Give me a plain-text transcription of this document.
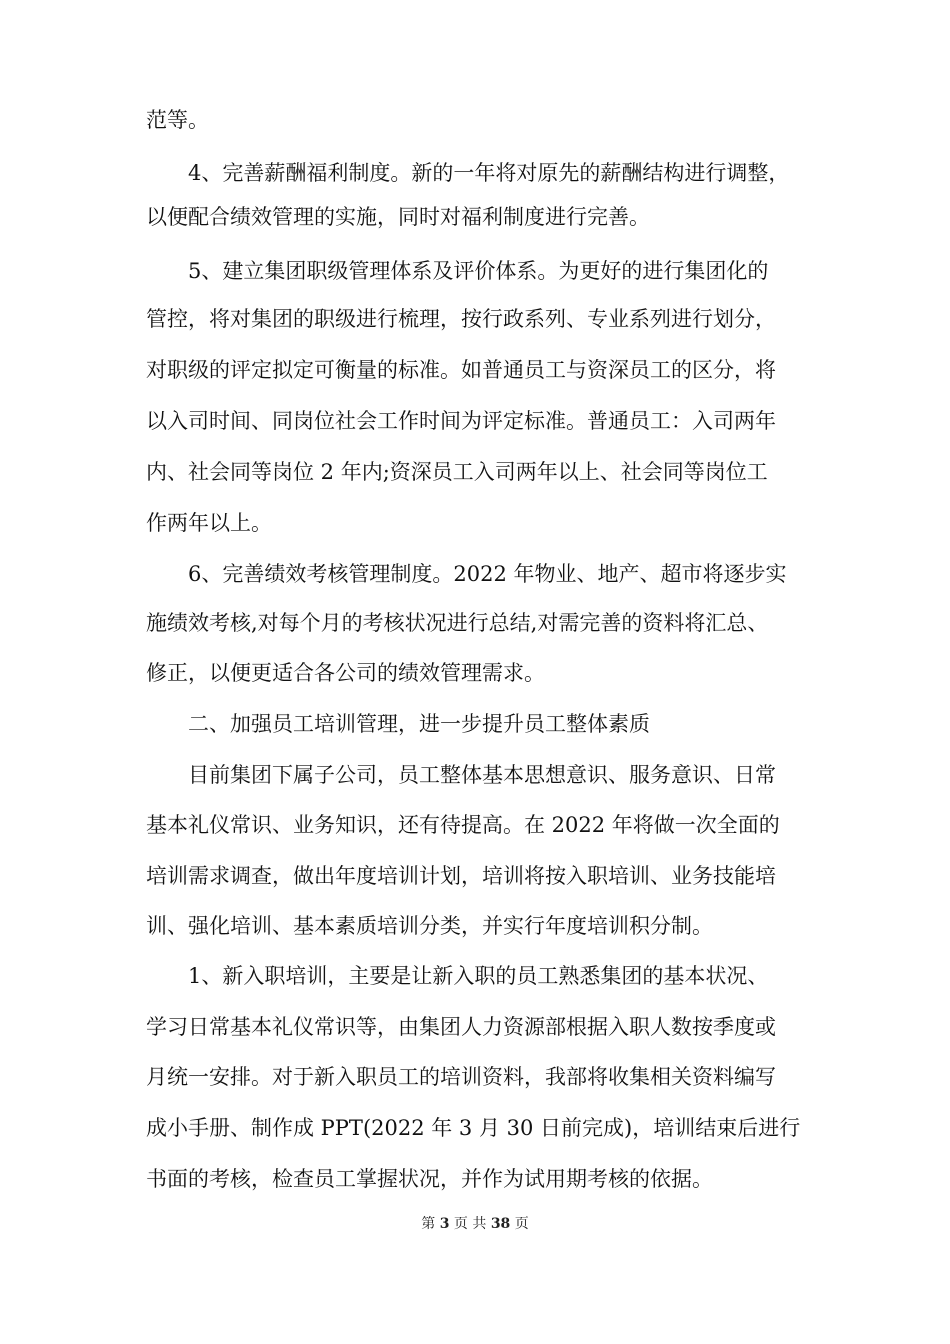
范等。
4、完善薪酬福利制度。新的一年将对原先的薪酬结构进行调整，
以便配合绩效管理的实施，同时对福利制度进行完善。
5、建立集团职级管理体系及评价体系。为更好的进行集团化的
管控，将对集团的职级进行梳理，按行政系列、专业系列进行划分，
对职级的评定拟定可衡量的标准。如普通员工与资深员工的区分，将
以入司时间、同岗位社会工作时间为评定标准。普通员工：入司两年
内、社会同等岗位 2 年内;资深员工入司两年以上、社会同等岗位工
作两年以上。
6、完善绩效考核管理制度。2022 年物业、地产、超市将逐步实
施绩效考核,对每个月的考核状况进行总结,对需完善的资料将汇总、
修正，以便更适合各公司的绩效管理需求。
二、加强员工培训管理，进一步提升员工整体素质
目前集团下属子公司，员工整体基本思想意识、服务意识、日常
基本礼仪常识、业务知识，还有待提高。在 2022 年将做一次全面的
培训需求调查，做出年度培训计划，培训将按入职培训、业务技能培
训、强化培训、基本素质培训分类，并实行年度培训积分制。
1、新入职培训，主要是让新入职的员工熟悉集团的基本状况、
学习日常基本礼仪常识等，由集团人力资源部根据入职人数按季度或
月统一安排。对于新入职员工的培训资料，我部将收集相关资料编写
成小手册、制作成 PPT(2022 年 3 月 30 日前完成)，培训结束后进行
书面的考核，检查员工掌握状况，并作为试用期考核的依据。
第 3 页 共 38 页
